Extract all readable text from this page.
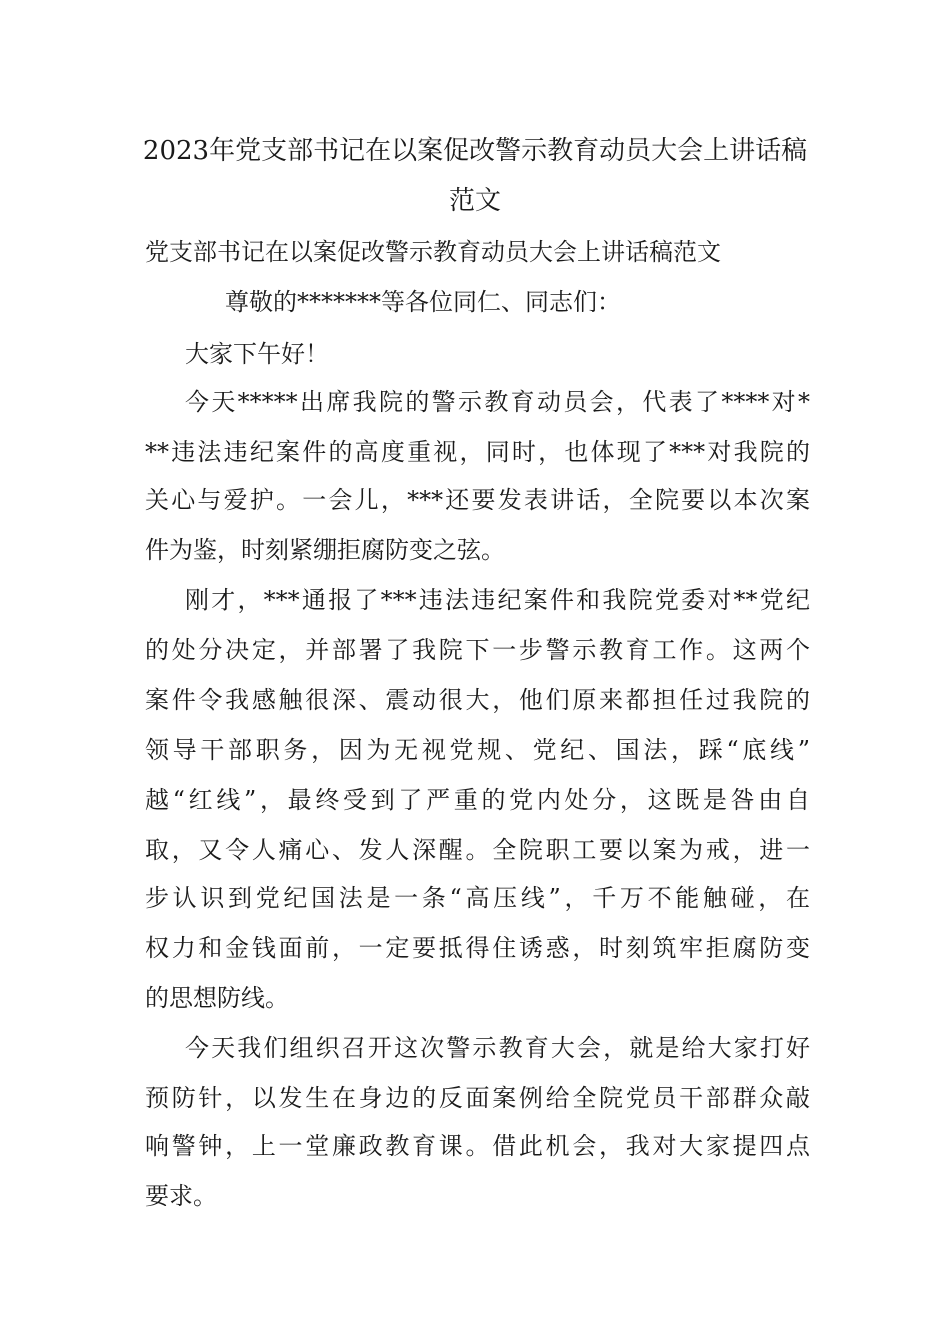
2023年党支部书记在以案促改警示教育动员大会上讲话稿
范文
党支部书记在以案促改警示教育动员大会上讲话稿范文
尊敬的*******等各位同仁、同志们：
大家下午好！
今天*****出席我院的警示教育动员会，代表了****对*
**违法违纪案件的高度重视，同时，也体现了***对我院的
关心与爱护。一会儿，***还要发表讲话，全院要以本次案
件为鉴，时刻紧绷拒腐防变之弦。
刚才，***通报了***违法违纪案件和我院党委对**党纪
的处分决定，并部署了我院下一步警示教育工作。这两个
案件令我感触很深、震动很大，他们原来都担任过我院的
领导干部职务，因为无视党规、党纪、国法，踩“底线”
越“红线”，最终受到了严重的党内处分，这既是咎由自
取，又令人痛心、发人深醒。全院职工要以案为戒，进一
步认识到党纪国法是一条“高压线”，千万不能触碰，在
权力和金钱面前，一定要抵得住诱惑，时刻筑牢拒腐防变
的思想防线。
今天我们组织召开这次警示教育大会，就是给大家打好
预防针，以发生在身边的反面案例给全院党员干部群众敲
响警钟，上一堂廉政教育课。借此机会，我对大家提四点
要求。
